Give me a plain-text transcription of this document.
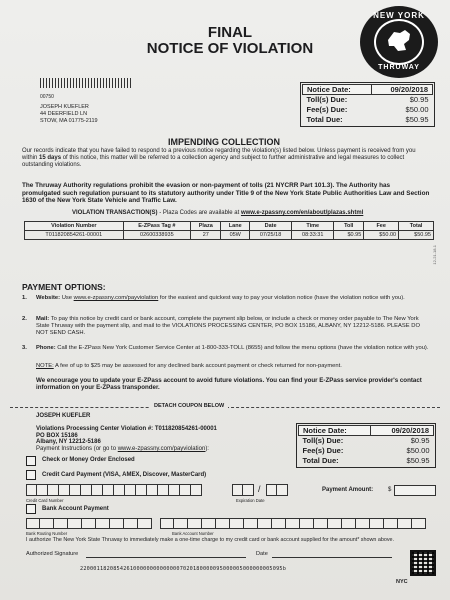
FINAL
NOTICE OF VIOLATION
NEW YORK
THRUWAY
00750
JOSEPH KUEFLER
44 DEERFIELD LN
STOW, MA 01775-2119
Notice Date:	09/20/2018
Toll(s) Due:	$0.95
Fee(s) Due:	$50.00
Total Due:	$50.95
IMPENDING COLLECTION
Our records indicate that you have failed to respond to a previous notice regarding the violation(s) listed below. Unless payment is received from you within 15 days of this notice, this matter will be referred to a collection agency and subject to further administrative and legal measures to collect outstanding violations.
The Thruway Authority regulations prohibit the evasion or non-payment of tolls (21 NYCRR Part 101.3). The Authority has promulgated such regulation pursuant to its statutory authority under Title 9 of the New York State Public Authorities Law and Section 1630 of the New York State Vehicle and Traffic Law.
VIOLATION TRANSACTION(S) - Plaza Codes are available at www.e-zpassny.com/en/about/plazas.shtml
Violation Number	E-ZPass Tag #	Plaza	Lane	Date	Time	Toll	Fee	Total
T011820854261-00001	02600338935	27	05W	07/25/18	08:33:31	$0.95	$50.00	$50.95
12-21-18-1
PAYMENT OPTIONS:
1. Website: Use www.e-zpassny.com/payviolation for the easiest and quickest way to pay your violation notice (have the violation notice with you).
2. Mail: To pay this notice by credit card or bank account, complete the payment slip below, or include a check or money order payable to The New York State Thruway with the payment slip, and mail to the VIOLATIONS PROCESSING CENTER, PO BOX 15186, ALBANY, NY 12212-5186. PLEASE DO NOT SEND CASH.
3. Phone: Call the E-ZPass New York Customer Service Center at 1-800-333-TOLL (8655) and follow the menu options (have the violation notice with you).
NOTE: A fee of up to $25 may be assessed for any declined bank account payment or check returned for non-payment.
We encourage you to update your E-ZPass account to avoid future violations. You can find your E-ZPass service provider's contact information on your E-ZPass transponder.
DETACH COUPON BELOW
JOSEPH KUEFLER
Violations Processing Center Violation #: T011820854261-00001
PO BOX 15186
Albany, NY 12212-5186
Payment Instructions (or go to www.e-zpassny.com/payviolation):
Notice Date:	09/20/2018
Toll(s) Due:	$0.95
Fee(s) Due:	$50.00
Total Due:	$50.95
Check or Money Order Enclosed
Credit Card Payment (VISA, AMEX, Discover, MasterCard)
/
Credit Card Number	Expiration Date
Payment Amount: $
Bank Account Payment
Bank Routing Number	Bank Account Number
I authorize The New York State Thruway to immediately make a one-time charge to my credit card or bank account supplied for the amount* shown above.
Authorized Signature	Date
NYC
2200011820854261000000000000007020180000095000005000000005095b
